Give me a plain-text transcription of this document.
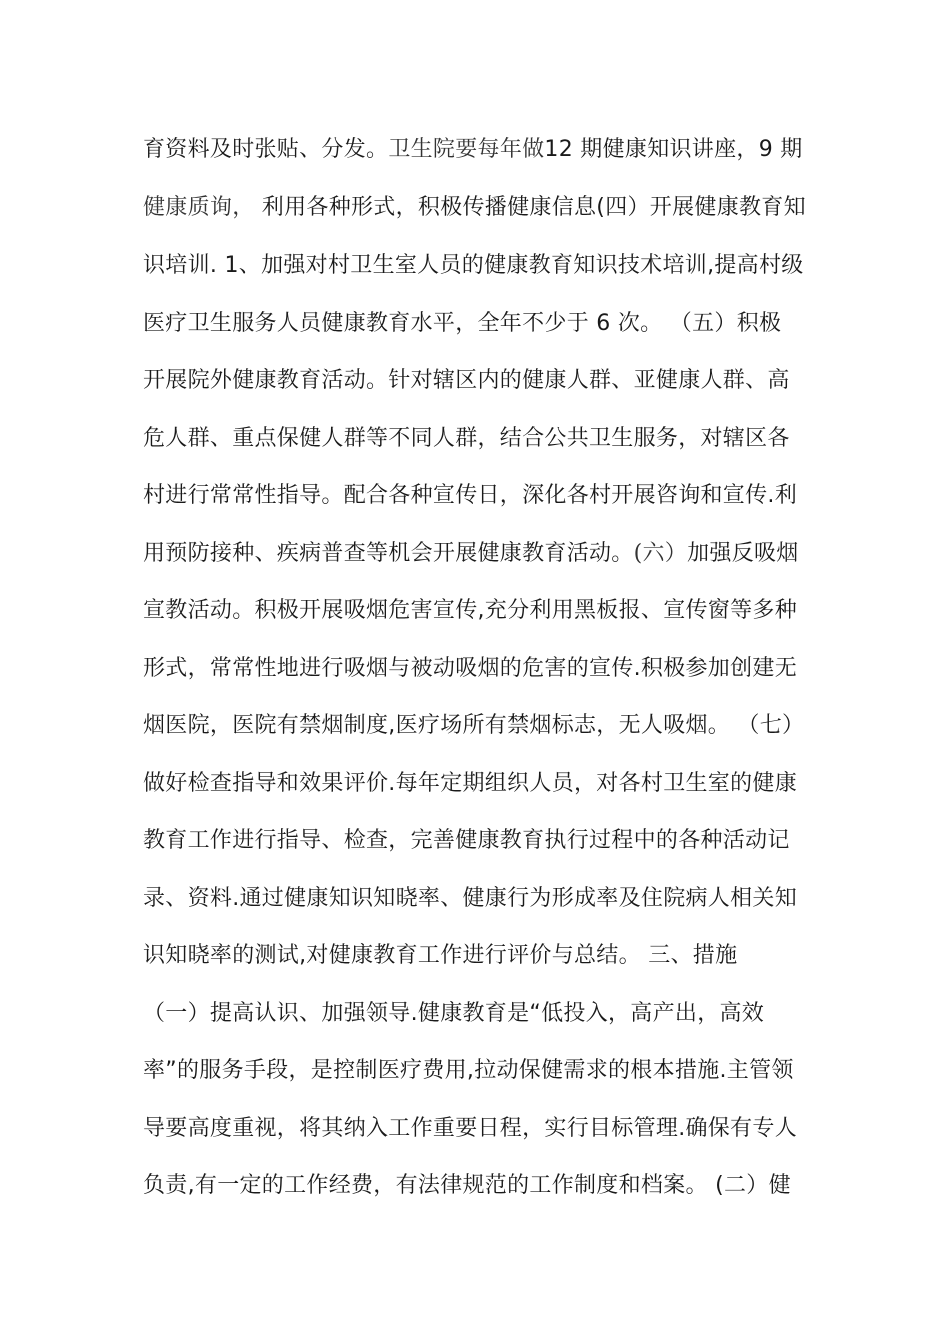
育资料及时张贴、分发。卫生院要每年做12 期健康知识讲座，9 期
健康质询， 利用各种形式，积极传播健康信息(四）开展健康教育知
识培训. 1、加强对村卫生室人员的健康教育知识技术培训,提高村级
医疗卫生服务人员健康教育水平，全年不少于 6 次。 （五）积极
开展院外健康教育活动。针对辖区内的健康人群、亚健康人群、高
危人群、重点保健人群等不同人群，结合公共卫生服务，对辖区各
村进行常常性指导。配合各种宣传日，深化各村开展咨询和宣传.利
用预防接种、疾病普查等机会开展健康教育活动。(六）加强反吸烟
宣教活动。积极开展吸烟危害宣传,充分利用黑板报、宣传窗等多种
形式，常常性地进行吸烟与被动吸烟的危害的宣传.积极参加创建无
烟医院，医院有禁烟制度,医疗场所有禁烟标志，无人吸烟。 （七）
做好检查指导和效果评价.每年定期组织人员，对各村卫生室的健康
教育工作进行指导、检查，完善健康教育执行过程中的各种活动记
录、资料.通过健康知识知晓率、健康行为形成率及住院病人相关知
识知晓率的测试,对健康教育工作进行评价与总结。 三、措施
（一）提高认识、加强领导.健康教育是“低投入，高产出，高效
率”的服务手段，是控制医疗费用,拉动保健需求的根本措施.主管领
导要高度重视，将其纳入工作重要日程，实行目标管理.确保有专人
负责,有一定的工作经费，有法律规范的工作制度和档案。 (二）健
